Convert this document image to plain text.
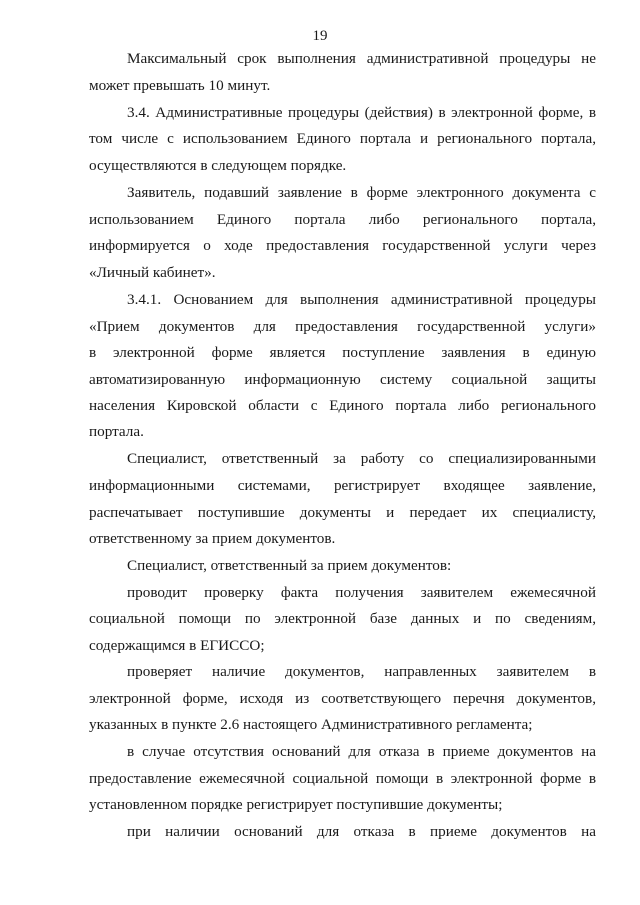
19
Максимальный срок выполнения административной процедуры не
может превышать 10 минут.
3.4. Административные процедуры (действия) в электронной форме, в
том числе с использованием Единого портала и регионального портала,
осуществляются в следующем порядке.
Заявитель, подавший заявление в форме электронного документа с
использованием Единого портала либо регионального портала,
информируется о ходе предоставления государственной услуги через
«Личный кабинет».
3.4.1. Основанием для выполнения административной процедуры
«Прием документов для предоставления государственной услуги»
в электронной форме является поступление заявления в единую
автоматизированную информационную систему социальной защиты
населения Кировской области с Единого портала либо регионального
портала.
Специалист, ответственный за работу со специализированными
информационными системами, регистрирует входящее заявление,
распечатывает поступившие документы и передает их специалисту,
ответственному за прием документов.
Специалист, ответственный за прием документов:
проводит проверку факта получения заявителем ежемесячной
социальной помощи по электронной базе данных и по сведениям,
содержащимся в ЕГИССО;
проверяет наличие документов, направленных заявителем в
электронной форме, исходя из соответствующего перечня документов,
указанных в пункте 2.6 настоящего Административного регламента;
в случае отсутствия оснований для отказа в приеме документов на
предоставление ежемесячной социальной помощи в электронной форме в
установленном порядке регистрирует поступившие документы;
при наличии оснований для отказа в приеме документов на
